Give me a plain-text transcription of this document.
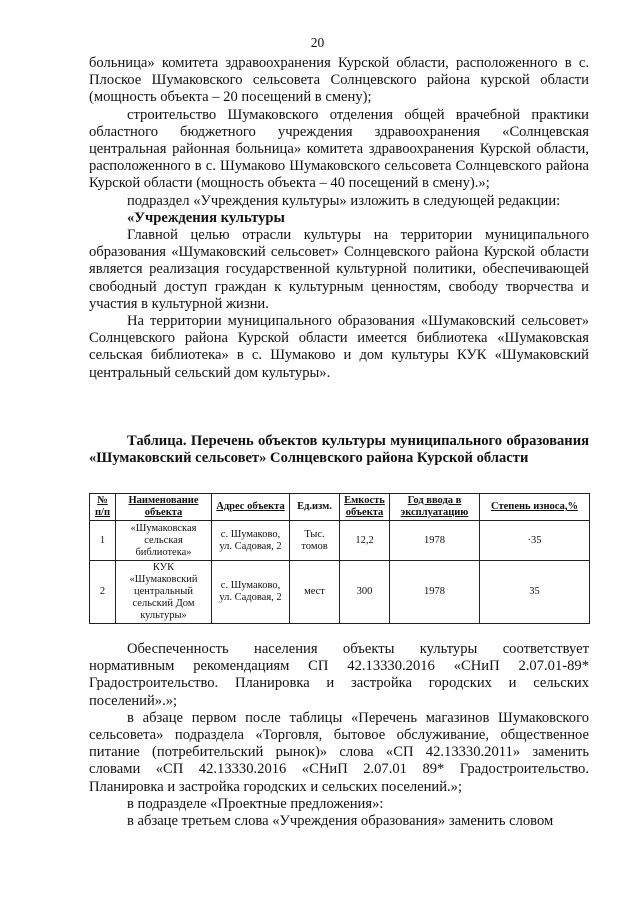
20

больница» комитета здравоохранения Курской области, расположенного в с. Плоское Шумаковского сельсовета Солнцевского района курской области (мощность объекта – 20 посещений в смену);

строительство Шумаковского отделения общей врачебной практики областного бюджетного учреждения здравоохранения «Солнцевская центральная районная больница» комитета здравоохранения Курской области, расположенного в с. Шумаково Шумаковского сельсовета Солнцевского района Курской области (мощность объекта – 40 посещений в смену).»;

подраздел «Учреждения культуры» изложить в следующей редакции:

«Учреждения культуры

Главной целью отрасли культуры на территории муниципального образования «Шумаковский сельсовет» Солнцевского района Курской области является реализация государственной культурной политики, обеспечивающей свободный доступ граждан к культурным ценностям, свободу творчества и участия в культурной жизни.

На территории муниципального образования «Шумаковский сельсовет» Солнцевского района Курской области имеется библиотека «Шумаковская сельская библиотека» в с. Шумаково и дом культуры КУК «Шумаковский центральный сельский дом культуры».

Таблица. Перечень объектов культуры муниципального образования «Шумаковский сельсовет» Солнцевского района Курской области
№ п/п	Наименование объекта	Адрес объекта	Ед.изм.	Емкость объекта	Год ввода в эксплуатацию	Степень износа,%
1	«Шумаковская сельская библиотека»	с. Шумаково, ул. Садовая, 2	Тыс. томов	12,2	1978	·35
2	КУК «Шумаковский центральный сельский Дом культуры»	с. Шумаково, ул. Садовая, 2	мест	300	1978	35

Обеспеченность населения объекты культуры соответствует нормативным рекомендациям СП 42.13330.2016 «СНиП 2.07.01-89* Градостроительство. Планировка и застройка городских и сельских поселений».»;

в абзаце первом после таблицы «Перечень магазинов Шумаковского сельсовета» подраздела «Торговля, бытовое обслуживание, общественное питание (потребительский рынок)» слова «СП 42.13330.2011» заменить словами «СП 42.13330.2016 «СНиП 2.07.01 89* Градостроительство. Планировка и застройка городских и сельских поселений.»;

в подразделе «Проектные предложения»:

в абзаце третьем слова «Учреждения образования» заменить словом
